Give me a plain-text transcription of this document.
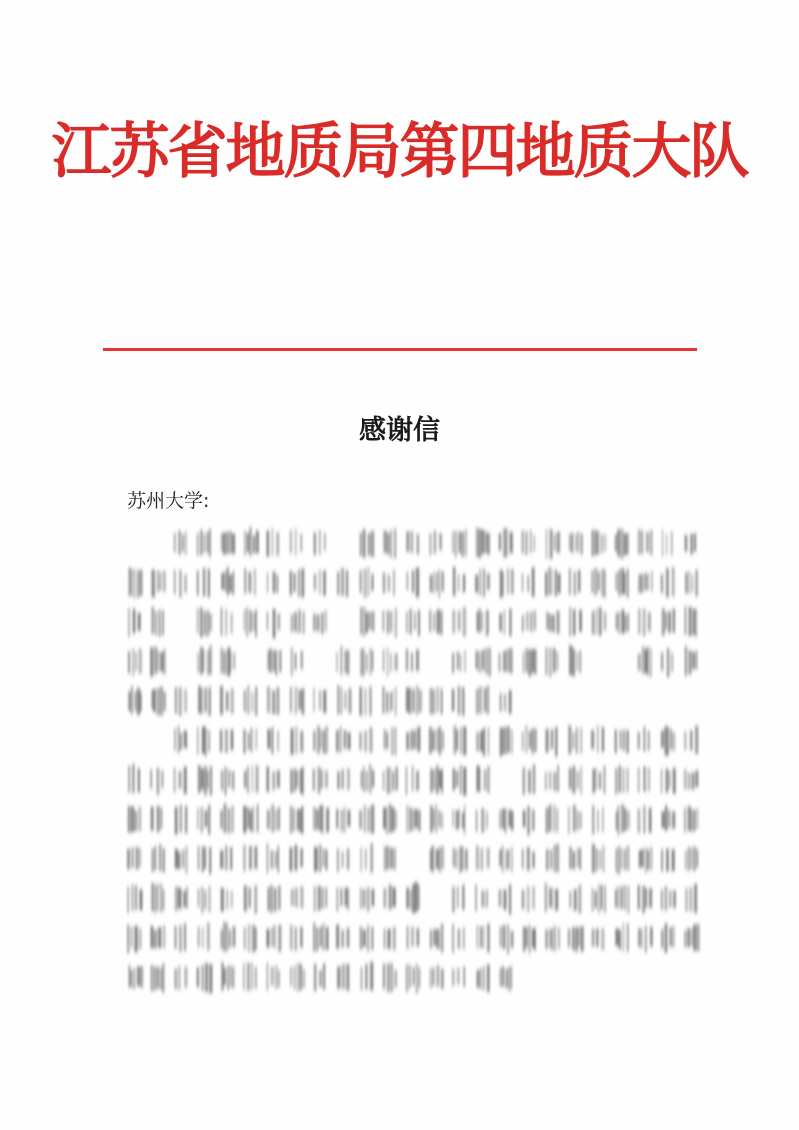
江苏省地质局第四地质大队
感谢信
苏州大学:
